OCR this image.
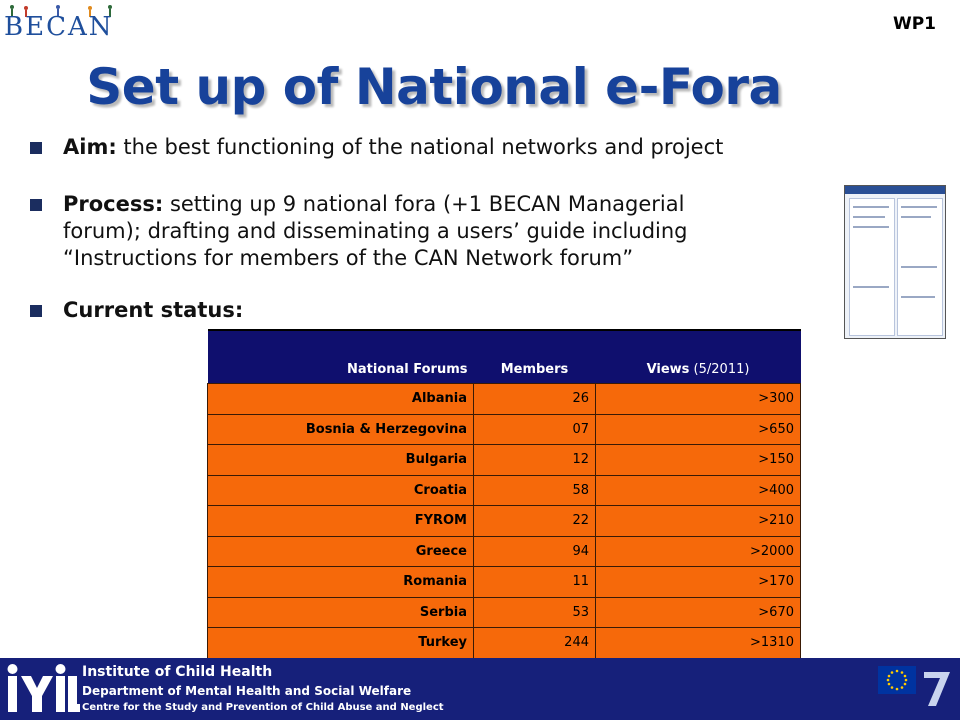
BECAN	WP1
Set up of National e-Fora
Aim: the best functioning of the national networks and project
Process: setting up 9 national fora (+1 BECAN Managerial forum); drafting and disseminating a users’ guide including “Instructions for members of the CAN Network forum”
Current status:
National Forums	Members	Views (5/2011)
Albania	26	>300
Bosnia & Herzegovina	07	>650
Bulgaria	12	>150
Croatia	58	>400
FYROM	22	>210
Greece	94	>2000
Romania	11	>170
Serbia	53	>670
Turkey	244	>1310
Institute of Child Health
Department of Mental Health and Social Welfare
Centre for the Study and Prevention of Child Abuse and Neglect
